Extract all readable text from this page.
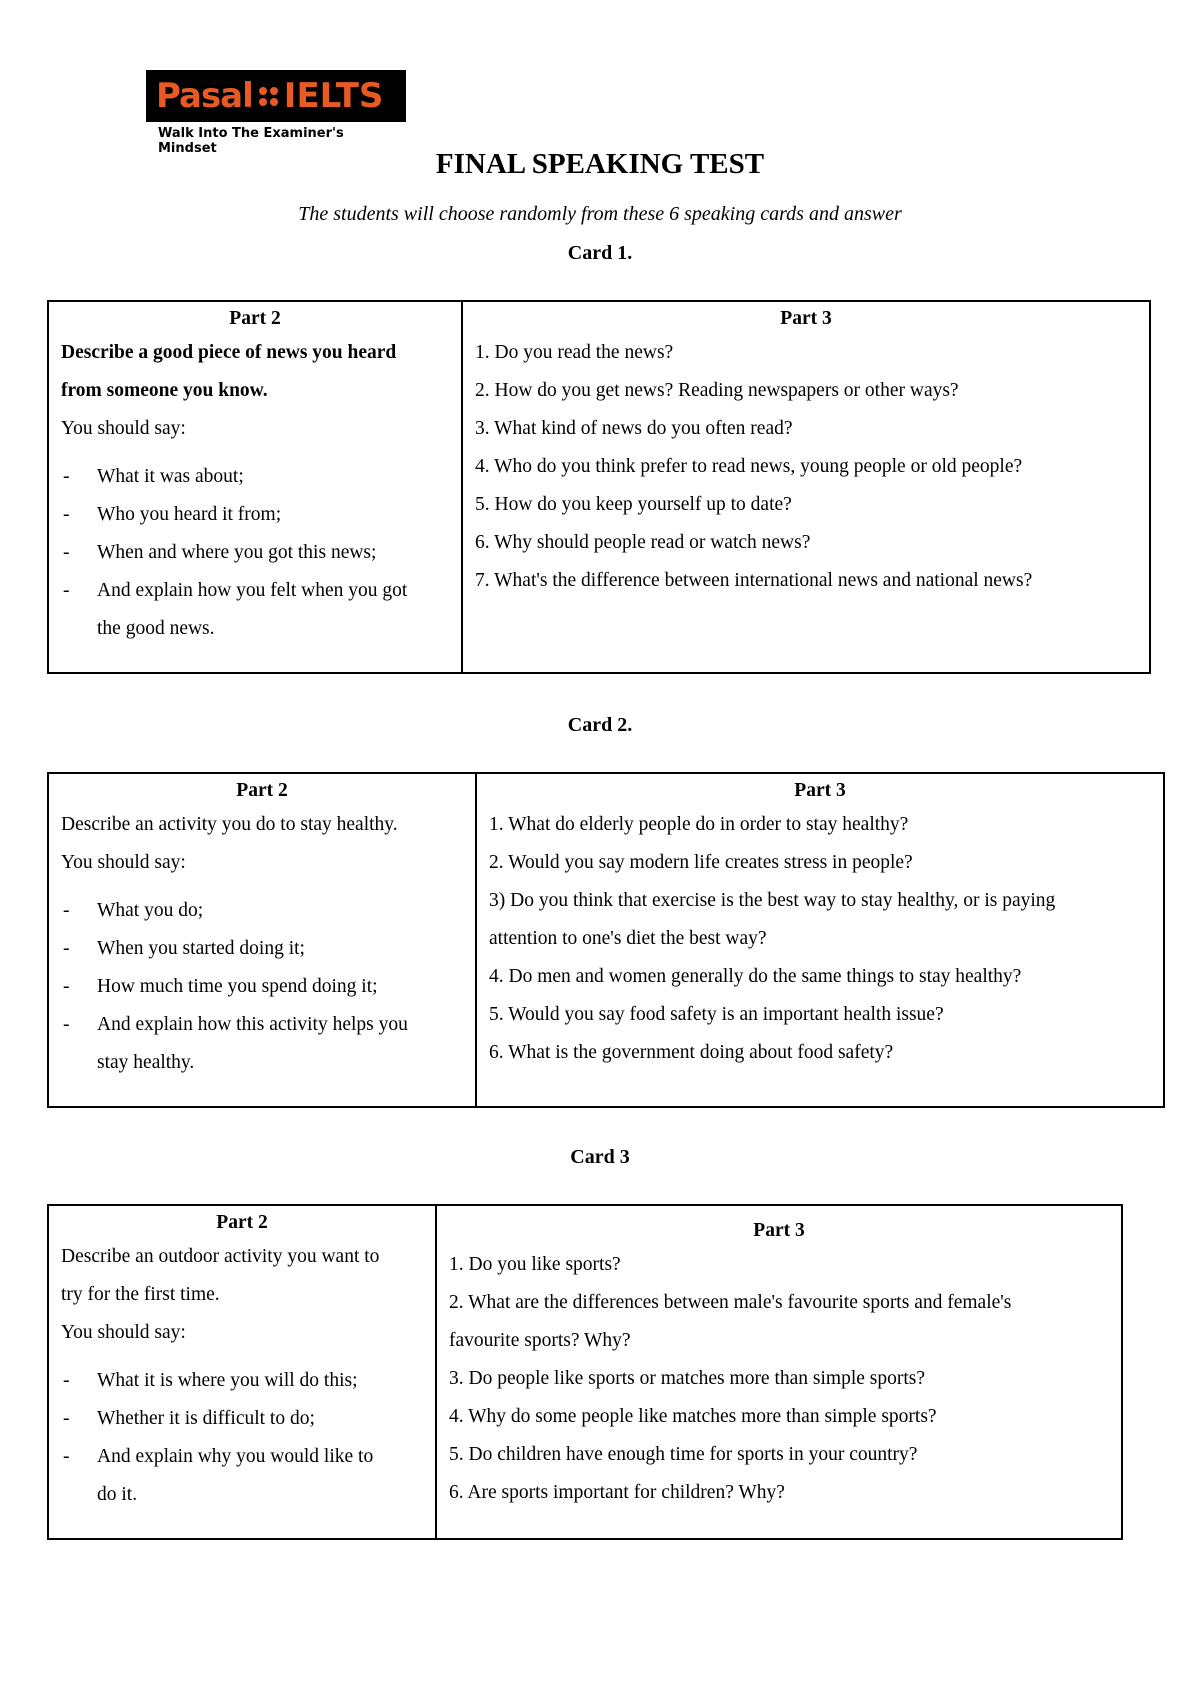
Pasal IELTS
Walk Into The Examiner's Mindset	FINAL SPEAKING TEST
The students will choose randomly from these 6 speaking cards and answer
Card 1.
Part 2
Describe a good piece of news you heard
from someone you know.
You should say:
- What it was about;
- Who you heard it from;
- When and where you got this news;
- And explain how you felt when you got
the good news.

Part 3
1. Do you read the news?
2. How do you get news? Reading newspapers or other ways?
3. What kind of news do you often read?
4. Who do you think prefer to read news, young people or old people?
5. How do you keep yourself up to date?
6. Why should people read or watch news?
7. What's the difference between international news and national news?
Card 2.
Part 2
Describe an activity you do to stay healthy.
You should say:
- What you do;
- When you started doing it;
- How much time you spend doing it;
- And explain how this activity helps you
stay healthy.

Part 3
1. What do elderly people do in order to stay healthy?
2. Would you say modern life creates stress in people?
3) Do you think that exercise is the best way to stay healthy, or is paying
attention to one's diet the best way?
4. Do men and women generally do the same things to stay healthy?
5. Would you say food safety is an important health issue?
6. What is the government doing about food safety?
Card 3
Part 2
Describe an outdoor activity you want to
try for the first time.
You should say:
- What it is where you will do this;
- Whether it is difficult to do;
- And explain why you would like to
do it.

Part 3
1. Do you like sports?
2. What are the differences between male's favourite sports and female's
favourite sports? Why?
3. Do people like sports or matches more than simple sports?
4. Why do some people like matches more than simple sports?
5. Do children have enough time for sports in your country?
6. Are sports important for children? Why?
